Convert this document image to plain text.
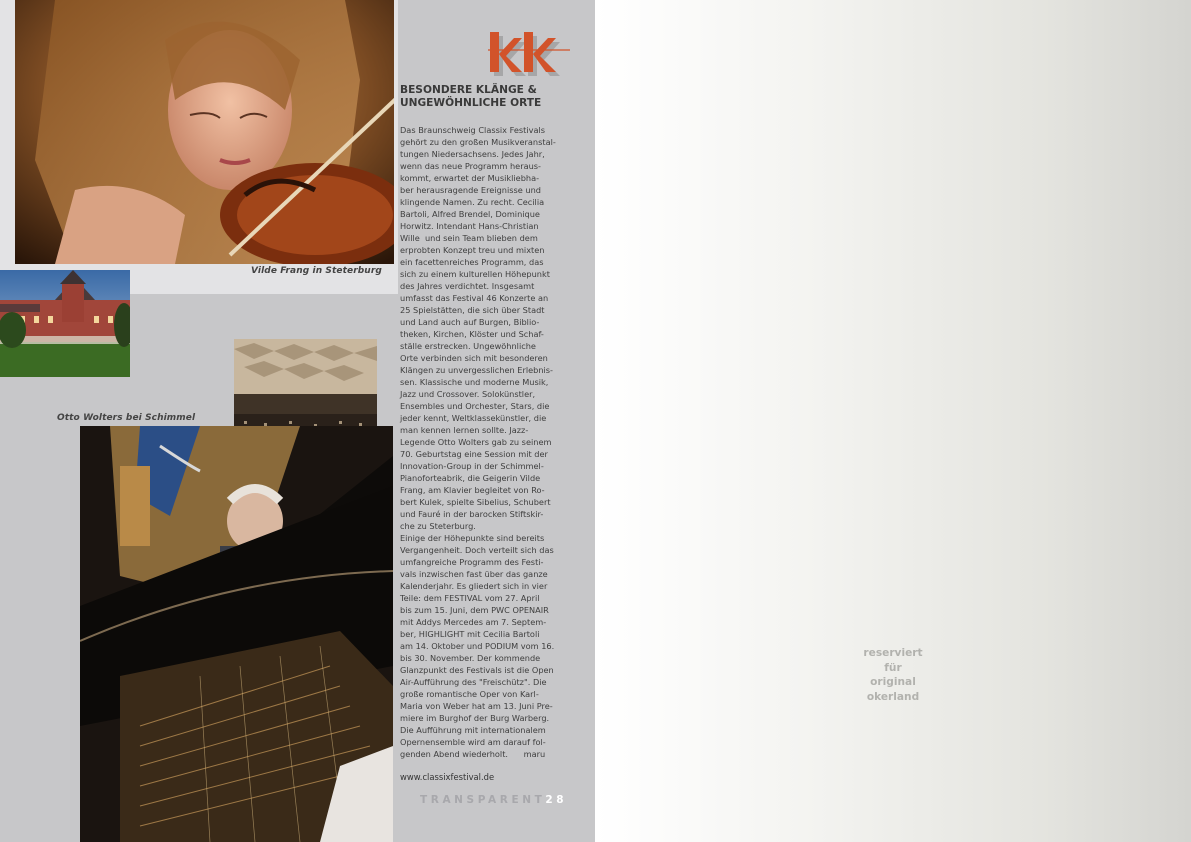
Vilde Frang in Steterburg
Otto Wolters bei Schimmel
BESONDERE KLÄNGE &
UNGEWÖHNLICHE ORTE
Das Braunschweig Classix Festivals
gehört zu den großen Musikveranstal-
tungen Niedersachsens. Jedes Jahr,
wenn das neue Programm heraus-
kommt, erwartet der Musikliebha-
ber herausragende Ereignisse und
klingende Namen. Zu recht. Cecilia
Bartoli, Alfred Brendel, Dominique
Horwitz. Intendant Hans-Christian
Wille  und sein Team blieben dem
erprobten Konzept treu und mixten
ein facettenreiches Programm, das
sich zu einem kulturellen Höhepunkt
des Jahres verdichtet. Insgesamt
umfasst das Festival 46 Konzerte an
25 Spielstätten, die sich über Stadt
und Land auch auf Burgen, Biblio-
theken, Kirchen, Klöster und Schaf-
ställe erstrecken. Ungewöhnliche
Orte verbinden sich mit besonderen
Klängen zu unvergesslichen Erlebnis-
sen. Klassische und moderne Musik,
Jazz und Crossover. Solokünstler,
Ensembles und Orchester, Stars, die
jeder kennt, Weltklassekünstler, die
man kennen lernen sollte. Jazz-
Legende Otto Wolters gab zu seinem
70. Geburtstag eine Session mit der
Innovation-Group in der Schimmel-
Pianoforteabrik, die Geigerin Vilde
Frang, am Klavier begleitet von Ro-
bert Kulek, spielte Sibelius, Schubert
und Fauré in der barocken Stiftskir-
che zu Steterburg.
Einige der Höhepunkte sind bereits
Vergangenheit. Doch verteilt sich das
umfangreiche Programm des Festi-
vals inzwischen fast über das ganze
Kalenderjahr. Es gliedert sich in vier
Teile: dem FESTIVAL vom 27. April
bis zum 15. Juni, dem PWC OPENAIR
mit Addys Mercedes am 7. Septem-
ber, HIGHLIGHT mit Cecilia Bartoli
am 14. Oktober und PODIUM vom 16.
bis 30. November. Der kommende
Glanzpunkt des Festivals ist die Open
Air-Aufführung des "Freischütz". Die
große romantische Oper von Karl-
Maria von Weber hat am 13. Juni Pre-
miere im Burghof der Burg Warberg.
Die Aufführung mit internationalem
Opernensemble wird am darauf fol-
genden Abend wiederholt.      maru
www.classixfestival.de
TRANSPARENT28
reserviert
für
original
okerland
